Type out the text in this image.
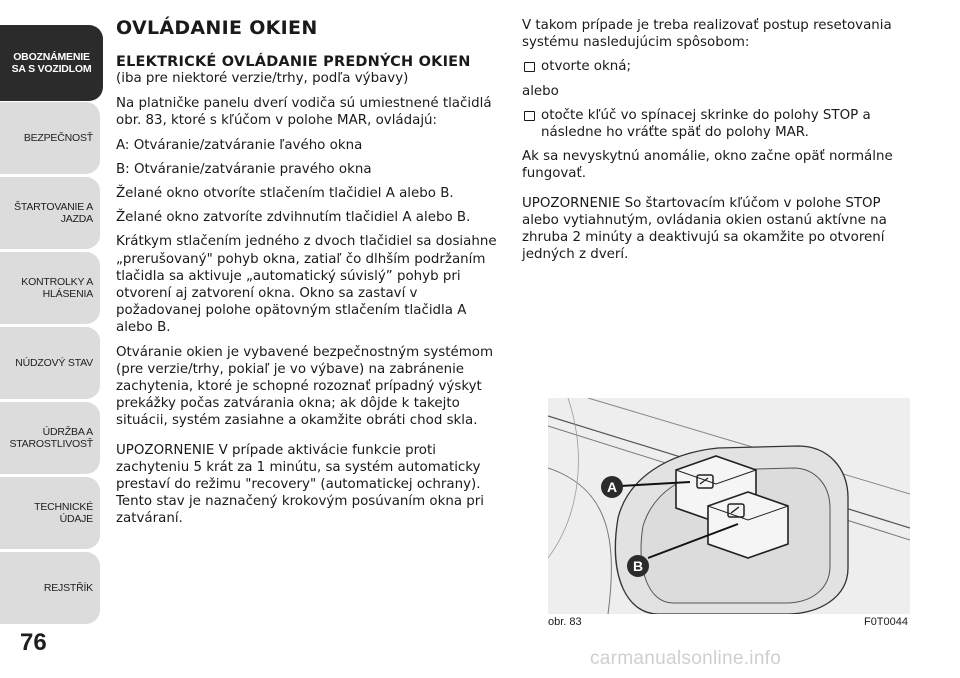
OBOZNÁMENIE
SA S VOZIDLOM
BEZPEČNOSŤ
ŠTARTOVANIE A
JAZDA
KONTROLKY A
HLÁSENIA
NÚDZOVÝ STAV
ÚDRŽBA A
STAROSTLIVOSŤ
TECHNICKÉ ÚDAJE
REJSTŘÍK
76
OVLÁDANIE OKIEN
ELEKTRICKÉ OVLÁDANIE PREDNÝCH OKIEN

(iba pre niektoré verzie/trhy, podľa výbavy)

Na platničke panelu dverí vodiča sú umiestnené tlačidlá obr. 83, ktoré s kľúčom v polohe MAR, ovládajú:

A: Otváranie/zatváranie ľavého okna

B: Otváranie/zatváranie pravého okna

Želané okno otvoríte stlačením tlačidiel A alebo B.

Želané okno zatvoríte zdvihnutím tlačidiel A alebo B.

Krátkym stlačením jedného z dvoch tlačidiel sa dosiahne „prerušovaný" pohyb okna, zatiaľ čo dlhším podržaním tlačidla sa aktivuje „automatický súvislý” pohyb pri otvorení aj zatvorení okna. Okno sa zastaví v požadovanej polohe opätovným stlačením tlačidla A alebo B.

Otváranie okien je vybavené bezpečnostným systémom (pre verzie/trhy, pokiaľ je vo výbave) na zabránenie zachytenia, ktoré je schopné rozoznať prípadný výskyt prekážky počas zatvárania okna; ak dôjde k takejto situácii, systém zasiahne a okamžite obráti chod skla.

UPOZORNENIE V prípade aktivácie funkcie proti zachyteniu 5 krát za 1 minútu, sa systém automaticky prestaví do režimu "recovery" (automatickej ochrany). Tento stav je naznačený krokovým posúvaním okna pri zatváraní.

V takom prípade je treba realizovať postup resetovania systému nasledujúcim spôsobom:

otvorte okná;

alebo

otočte kľúč vo spínacej skrinke do polohy STOP a následne ho vráťte späť do polohy MAR.

Ak sa nevyskytnú anomálie, okno začne opäť normálne fungovať.

UPOZORNENIE So štartovacím kľúčom v polohe STOP alebo vytiahnutým, ovládania okien ostanú aktívne na zhruba 2 minúty a deaktivujú sa okamžite po otvorení jedných z dverí.

A
B
obr. 83	F0T0044
carmanualsonline.info
